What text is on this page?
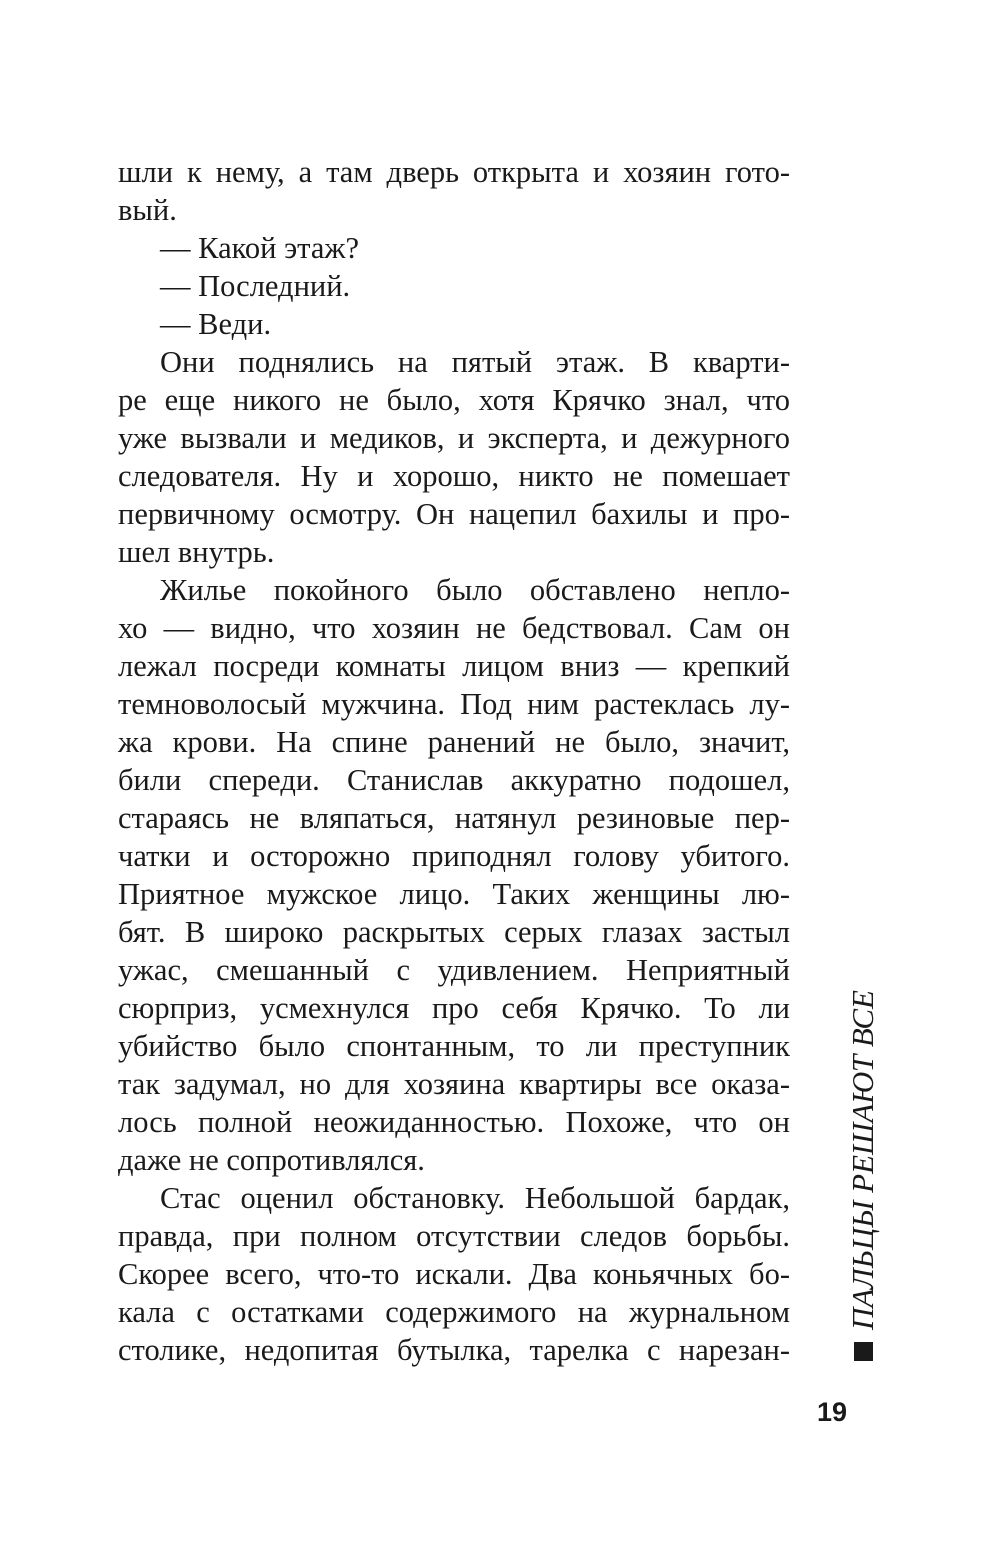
шли к нему, а там дверь открыта и хозяин гото-
вый.
— Какой этаж?
— Последний.
— Веди.
Они поднялись на пятый этаж. В кварти-
ре еще никого не было, хотя Крячко знал, что
уже вызвали и медиков, и эксперта, и дежурного
следователя. Ну и хорошо, никто не помешает
первичному осмотру. Он нацепил бахилы и про-
шел внутрь.
Жилье покойного было обставлено непло-
хо — видно, что хозяин не бедствовал. Сам он
лежал посреди комнаты лицом вниз — крепкий
темноволосый мужчина. Под ним растеклась лу-
жа крови. На спине ранений не было, значит,
били спереди. Станислав аккуратно подошел,
стараясь не вляпаться, натянул резиновые пер-
чатки и осторожно приподнял голову убитого.
Приятное мужское лицо. Таких женщины лю-
бят. В широко раскрытых серых глазах застыл
ужас, смешанный с удивлением. Неприятный
сюрприз, усмехнулся про себя Крячко. То ли
убийство было спонтанным, то ли преступник
так задумал, но для хозяина квартиры все оказа-
лось полной неожиданностью. Похоже, что он
даже не сопротивлялся.
Стас оценил обстановку. Небольшой бардак,
правда, при полном отсутствии следов борьбы.
Скорее всего, что-то искали. Два коньячных бо-
кала с остатками содержимого на журнальном
столике, недопитая бутылка, тарелка с нарезан-
ПАЛЬЦЫ РЕШАЮТ ВСЕ
19
